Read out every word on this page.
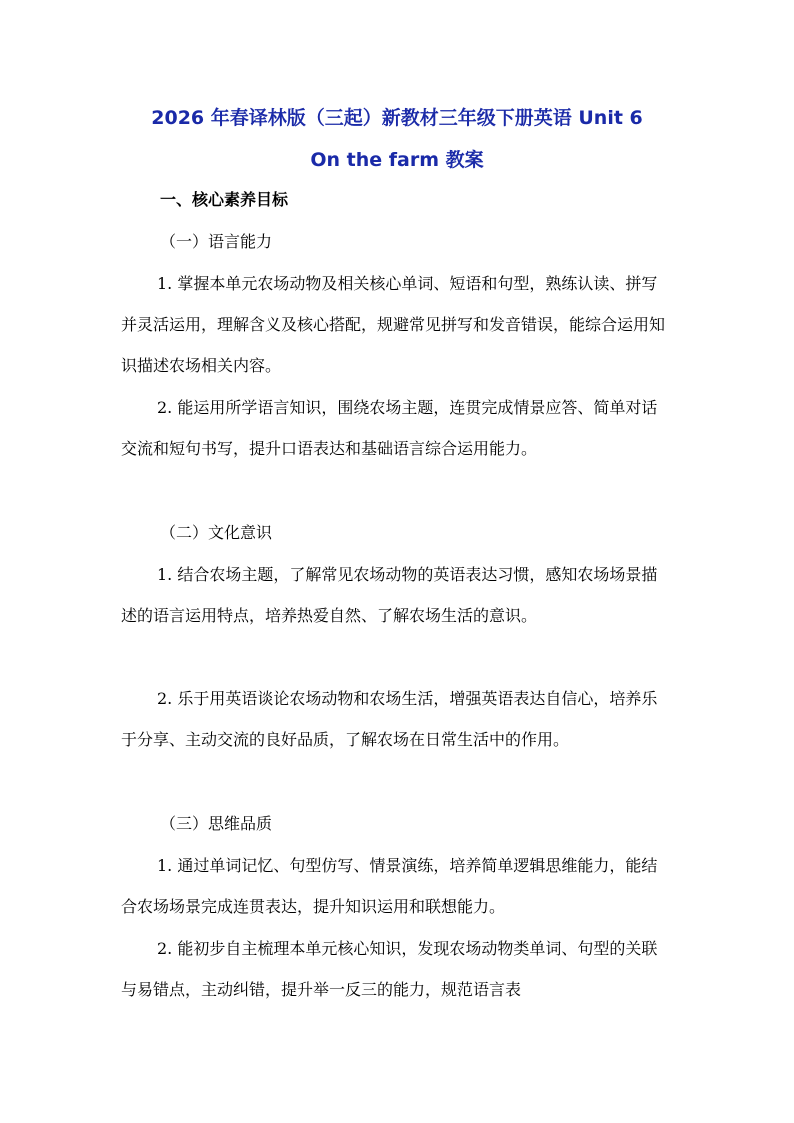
2026 年春译林版（三起）新教材三年级下册英语 Unit 6
On the farm 教案
一、核心素养目标
（一）语言能力

1. 掌握本单元农场动物及相关核心单词、短语和句型，熟练认读、拼写并灵活运用，理解含义及核心搭配，规避常见拼写和发音错误，能综合运用知识描述农场相关内容。

2. 能运用所学语言知识，围绕农场主题，连贯完成情景应答、简单对话交流和短句书写，提升口语表达和基础语言综合运用能力。

（二）文化意识

1. 结合农场主题，了解常见农场动物的英语表达习惯，感知农场场景描述的语言运用特点，培养热爱自然、了解农场生活的意识。

2. 乐于用英语谈论农场动物和农场生活，增强英语表达自信心，培养乐于分享、主动交流的良好品质，了解农场在日常生活中的作用。

（三）思维品质

1. 通过单词记忆、句型仿写、情景演练，培养简单逻辑思维能力，能结合农场场景完成连贯表达，提升知识运用和联想能力。

2. 能初步自主梳理本单元核心知识，发现农场动物类单词、句型的关联与易错点，主动纠错，提升举一反三的能力，规范语言表
